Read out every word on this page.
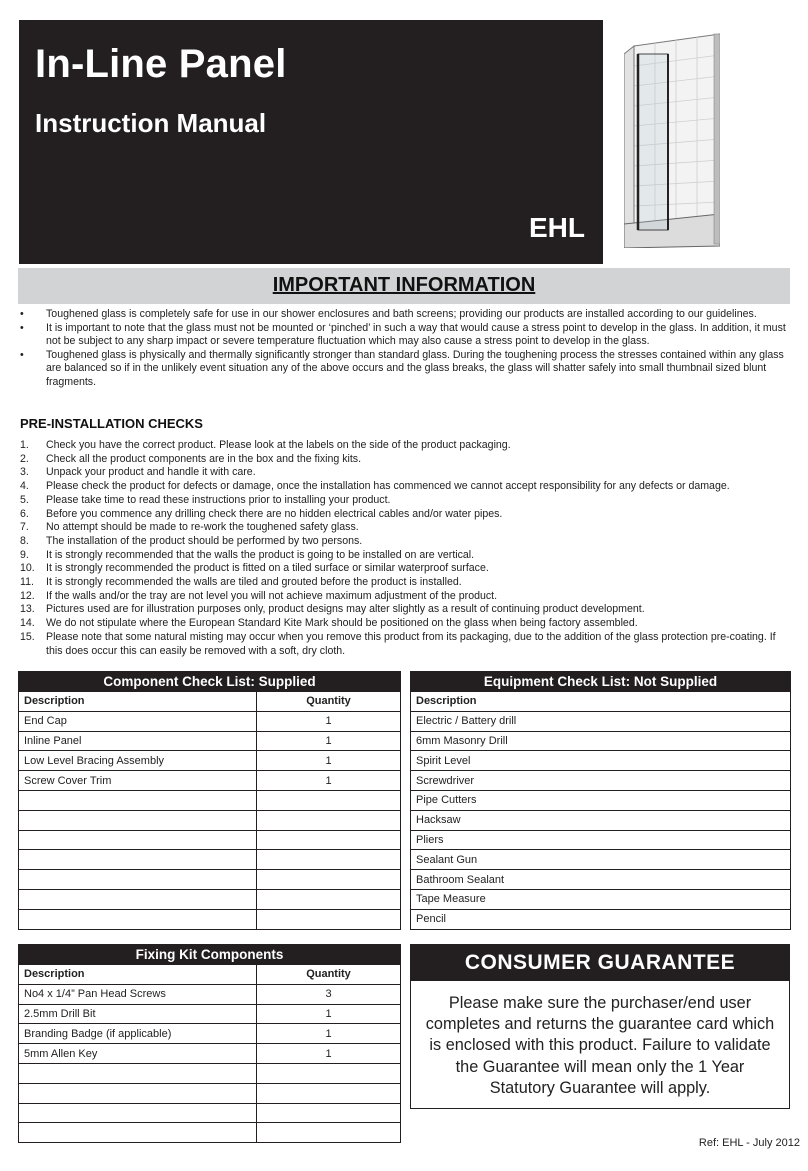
In-Line Panel
Instruction Manual
EHL
IMPORTANT INFORMATION
•	Toughened glass is completely safe for use in our shower enclosures and bath screens; providing our products are installed according to our guidelines.
•	It is important to note that the glass must not be mounted or ‘pinched’ in such a way that would cause a stress point to develop in the glass. In addition, it must not be subject to any sharp impact or severe temperature fluctuation which may also cause a stress point to develop in the glass.
•	Toughened glass is physically and thermally significantly stronger than standard glass. During the toughening process the stresses contained within any glass are balanced so if in the unlikely event situation any of the above occurs and the glass breaks, the glass will shatter safely into small thumbnail sized blunt fragments.
PRE-INSTALLATION CHECKS
1.	Check you have the correct product. Please look at the labels on the side of the product packaging.
2.	Check all the product components are in the box and the fixing kits.
3.	Unpack your product and handle it with care.
4.	Please check the product for defects or damage, once the installation has commenced we cannot accept responsibility for any defects or damage.
5.	Please take time to read these instructions prior to installing your product.
6.	Before you commence any drilling check there are no hidden electrical cables and/or water pipes.
7.	No attempt should be made to re-work the toughened safety glass.
8.	The installation of the product should be performed by two persons.
9.	It is strongly recommended that the walls the product is going to be installed on are vertical.
10.	It is strongly recommended the product is fitted on a tiled surface or similar waterproof surface.
11.	It is strongly recommended the walls are tiled and grouted before the product is installed.
12.	If the walls and/or the tray are not level you will not achieve maximum adjustment of the product.
13.	Pictures used are for illustration purposes only, product designs may alter slightly as a result of continuing product development.
14.	We do not stipulate where the European Standard Kite Mark should be positioned on the glass when being factory assembled.
15.	Please note that some natural misting may occur when you remove this product from its packaging, due to the addition of the glass protection pre-coating. If this does occur this can easily be removed with a soft, dry cloth.
Component Check List: Supplied	
Description	Quantity
End Cap	1
Inline Panel	1
Low Level Bracing Assembly	1
Screw Cover Trim	1

Equipment Check List: Not Supplied
Description
Electric / Battery drill
6mm Masonry Drill
Spirit Level
Screwdriver
Pipe Cutters
Hacksaw
Pliers
Sealant Gun
Bathroom Sealant
Tape Measure
Pencil
Fixing Kit Components	
Description	Quantity
No4 x 1/4” Pan Head Screws	3
2.5mm Drill Bit	1
Branding Badge (if applicable)	1
5mm Allen Key	1

CONSUMER GUARANTEE
Please make sure the purchaser/end user completes and returns the guarantee card which is enclosed with this product. Failure to validate the Guarantee will mean only the 1 Year Statutory Guarantee will apply.
Ref: EHL - July 2012
